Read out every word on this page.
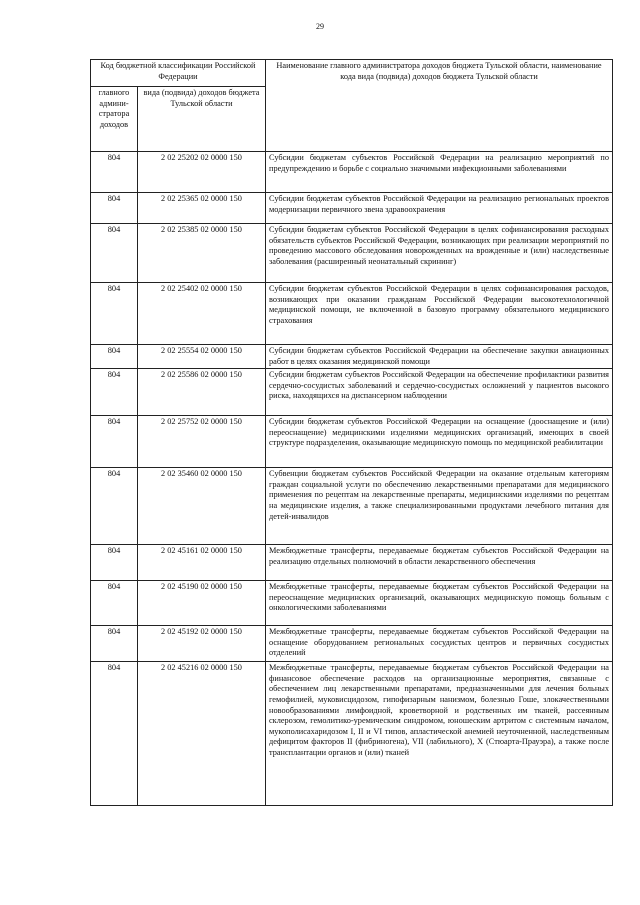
29
Код бюджетной классификации Российской Федерации		Наименование главного администратора доходов бюджета Тульской области, наименование кода вида (подвида) доходов бюджета Тульской области
главного админи-стратора доходов	вида (подвида) доходов бюджета Тульской области	
804	2 02 25202 02 0000 150	Субсидии бюджетам субъектов Российской Федерации на реализацию мероприятий по предупреждению и борьбе с социально значимыми инфекционными заболеваниями
804	2 02 25365 02 0000 150	Субсидии бюджетам субъектов Российской Федерации на реализацию региональных проектов модернизации первичного звена здравоохранения
804	2 02 25385 02 0000 150	Субсидии бюджетам субъектов Российской Федерации в целях софинансирования расходных обязательств субъектов Российской Федерации, возникающих при реализации мероприятий по проведению массового обследования новорожденных на врожденные и (или) наследственные заболевания (расширенный неонатальный скрининг)
804	2 02 25402 02 0000 150	Субсидии бюджетам субъектов Российской Федерации в целях софинансирования расходов, возникающих при оказании гражданам Российской Федерации высокотехнологичной медицинской помощи, не включенной в базовую программу обязательного медицинского страхования
804	2 02 25554 02 0000 150	Субсидии бюджетам субъектов Российской Федерации на обеспечение закупки авиационных работ в целях оказания медицинской помощи
804	2 02 25586 02 0000 150	Субсидии бюджетам субъектов Российской Федерации на обеспечение профилактики развития сердечно-сосудистых заболеваний и сердечно-сосудистых осложнений у пациентов высокого риска, находящихся на диспансерном наблюдении
804	2 02 25752 02 0000 150	Субсидии бюджетам субъектов Российской Федерации на оснащение (дооснащение и (или) переоснащение) медицинскими изделиями медицинских организаций, имеющих в своей структуре подразделения, оказывающие медицинскую помощь по медицинской реабилитации
804	2 02 35460 02 0000 150	Субвенции бюджетам субъектов Российской Федерации на оказание отдельным категориям граждан социальной услуги по обеспечению лекарственными препаратами для медицинского применения по рецептам на лекарственные препараты, медицинскими изделиями по рецептам на медицинские изделия, а также специализированными продуктами лечебного питания для детей-инвалидов
804	2 02 45161 02 0000 150	Межбюджетные трансферты, передаваемые бюджетам субъектов Российской Федерации на реализацию отдельных полномочий в области лекарственного обеспечения
804	2 02 45190 02 0000 150	Межбюджетные трансферты, передаваемые бюджетам субъектов Российской Федерации на переоснащение медицинских организаций, оказывающих медицинскую помощь больным с онкологическими заболеваниями
804	2 02 45192 02 0000 150	Межбюджетные трансферты, передаваемые бюджетам субъектов Российской Федерации на оснащение оборудованием региональных сосудистых центров и первичных сосудистых отделений
804	2 02 45216 02 0000 150	Межбюджетные трансферты, передаваемые бюджетам субъектов Российской Федерации на финансовое обеспечение расходов на организационные мероприятия, связанные с обеспечением лиц лекарственными препаратами, предназначенными для лечения больных гемофилией, муковисцидозом, гипофизарным нанизмом, болезнью Гоше, злокачественными новообразованиями лимфоидной, кроветворной и родственных им тканей, рассеянным склерозом, гемолитико-уремическим синдромом, юношеским артритом с системным началом, мукополисахаридозом I, II и VI типов, апластической анемией неуточненной, наследственным дефицитом факторов II (фибриногена), VII (лабильного), X (Стюарта-Прауэра), а также после трансплантации органов и (или) тканей
